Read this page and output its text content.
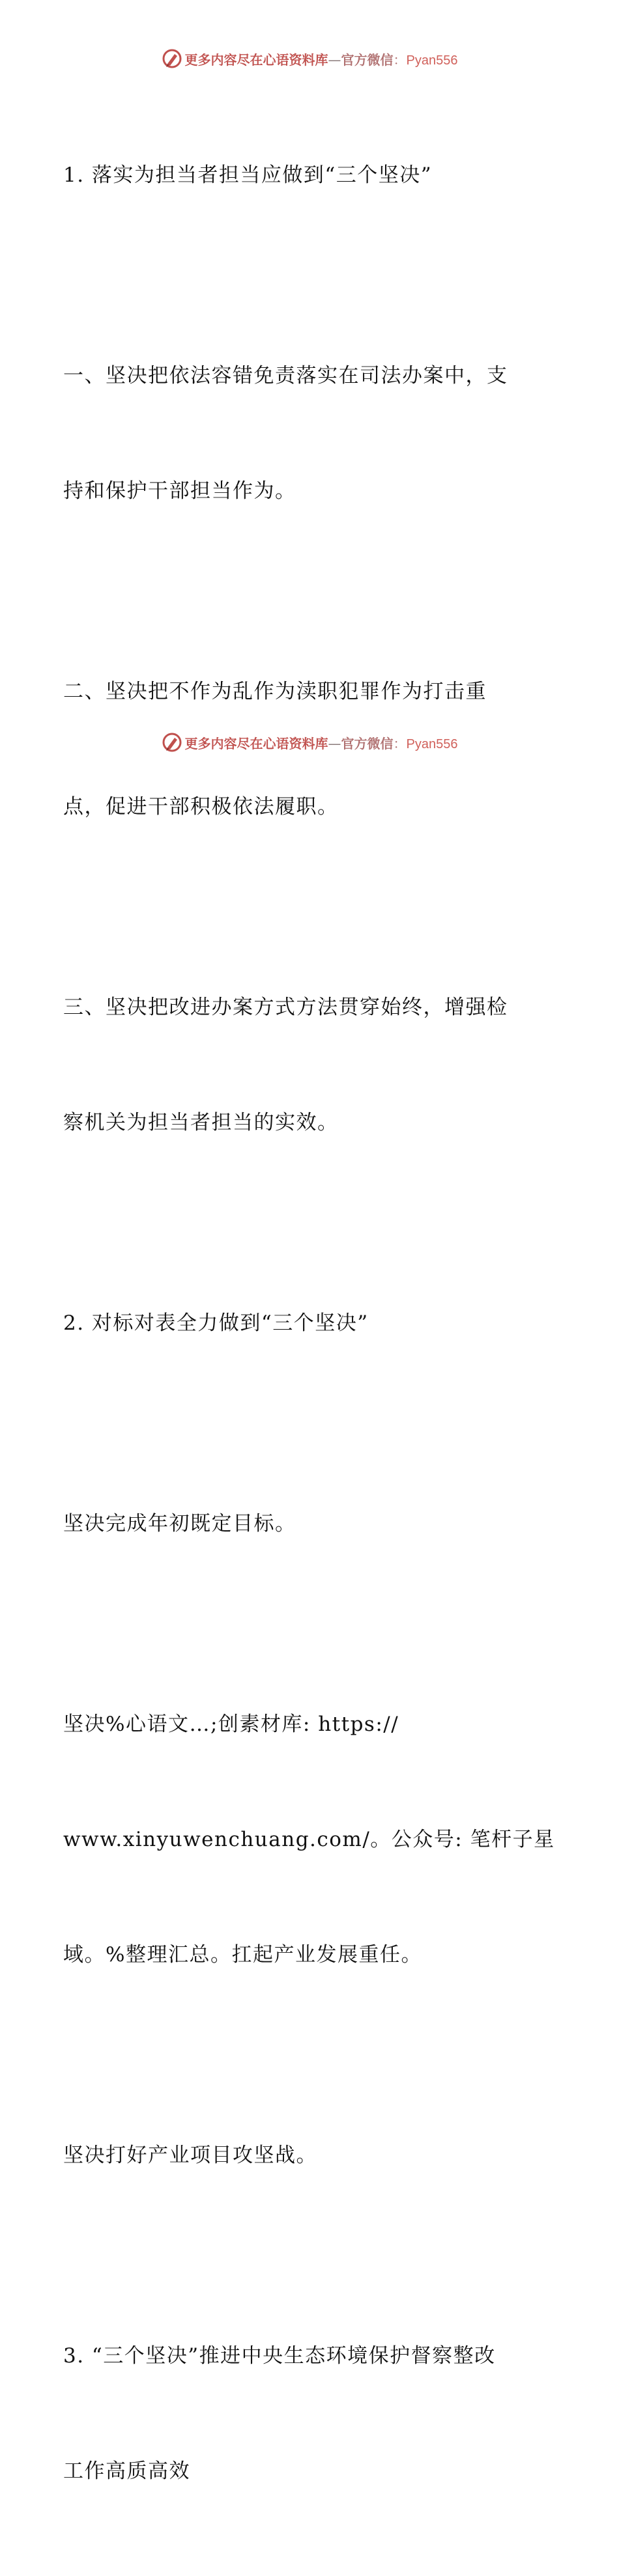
更多内容尽在心语资料库—官方微信：Pyan556

1. 落实为担当者担当应做到“三个坚决”

一、坚决把依法容错免责落实在司法办案中，支

持和保护干部担当作为。

二、坚决把不作为乱作为渎职犯罪作为打击重

点，促进干部积极依法履职。

三、坚决把改进办案方式方法贯穿始终，增强检

察机关为担当者担当的实效。

2. 对标对表全力做到“三个坚决”

坚决完成年初既定目标。

坚决%心语文…;创素材库: https://

www.xinyuwenchuang.com/。公众号: 笔杆子星

域。%整理汇总。扛起产业发展重任。

坚决打好产业项目攻坚战。

3. “三个坚决”推进中央生态环境保护督察整改

工作高质高效

更多内容尽在心语资料库—官方微信：Pyan556
